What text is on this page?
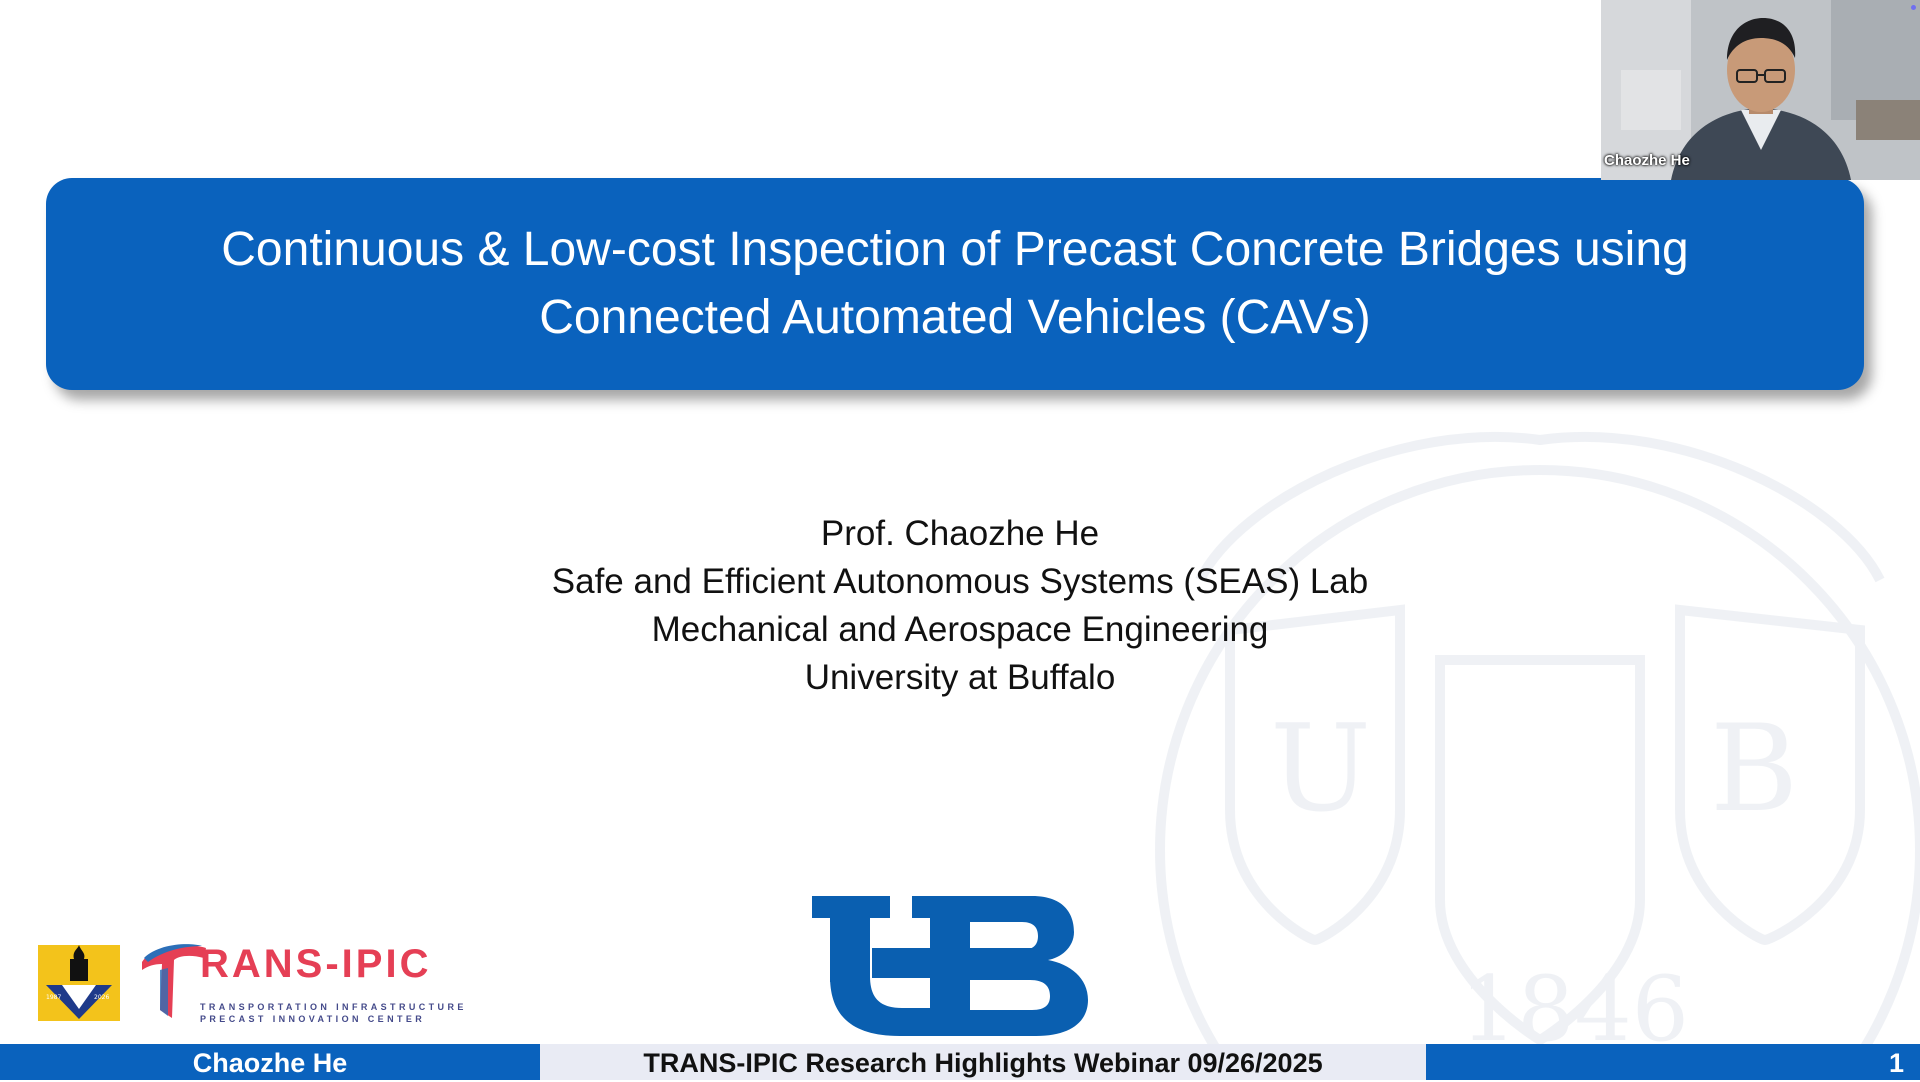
U	B
1846
Continuous & Low-cost Inspection of Precast Concrete Bridges using
Connected Automated Vehicles (CAVs)
Prof. Chaozhe He
Safe and Efficient Autonomous Systems (SEAS) Lab
Mechanical and Aerospace Engineering
University at Buffalo
Chaozhe He
1987	2026
RANS-IPIC
TRANSPORTATION INFRASTRUCTURE
PRECAST INNOVATION CENTER
Chaozhe He	TRANS-IPIC Research Highlights Webinar 09/26/2025	1
